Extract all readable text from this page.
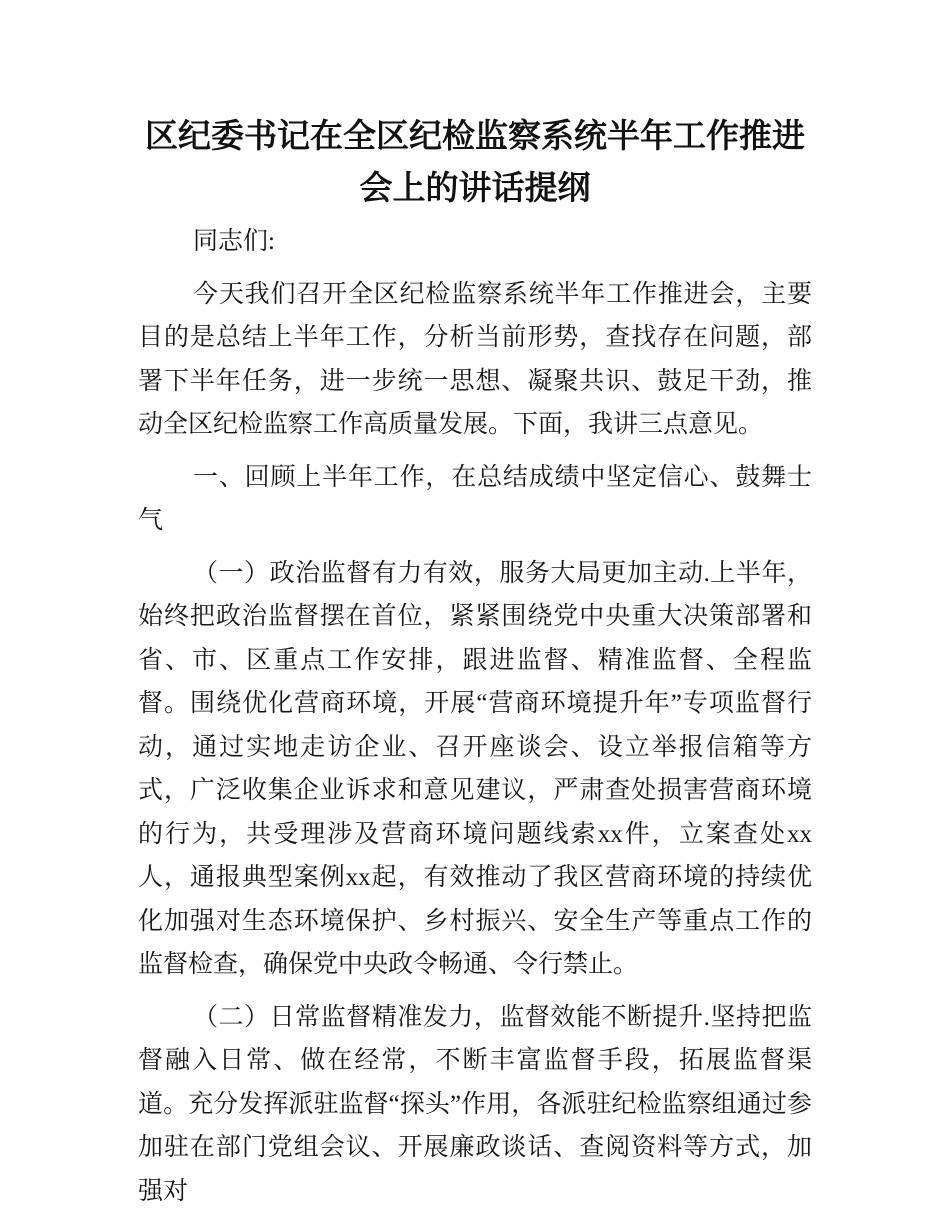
区纪委书记在全区纪检监察系统半年工作推进会上的讲话提纲

同志们:

今天我们召开全区纪检监察系统半年工作推进会，主要目的是总结上半年工作，分析当前形势，查找存在问题，部署下半年任务，进一步统一思想、凝聚共识、鼓足干劲，推动全区纪检监察工作高质量发展。下面，我讲三点意见。

一、回顾上半年工作，在总结成绩中坚定信心、鼓舞士气

（一）政治监督有力有效，服务大局更加主动.上半年，始终把政治监督摆在首位，紧紧围绕党中央重大决策部署和省、市、区重点工作安排，跟进监督、精准监督、全程监督。围绕优化营商环境，开展“营商环境提升年”专项监督行动，通过实地走访企业、召开座谈会、设立举报信箱等方式，广泛收集企业诉求和意见建议，严肃查处损害营商环境的行为，共受理涉及营商环境问题线索xx件，立案查处xx人，通报典型案例xx起，有效推动了我区营商环境的持续优化加强对生态环境保护、乡村振兴、安全生产等重点工作的监督检查，确保党中央政令畅通、令行禁止。

（二）日常监督精准发力，监督效能不断提升.坚持把监督融入日常、做在经常，不断丰富监督手段，拓展监督渠道。充分发挥派驻监督“探头”作用，各派驻纪检监察组通过参加驻在部门党组会议、开展廉政谈话、查阅资料等方式，加强对
